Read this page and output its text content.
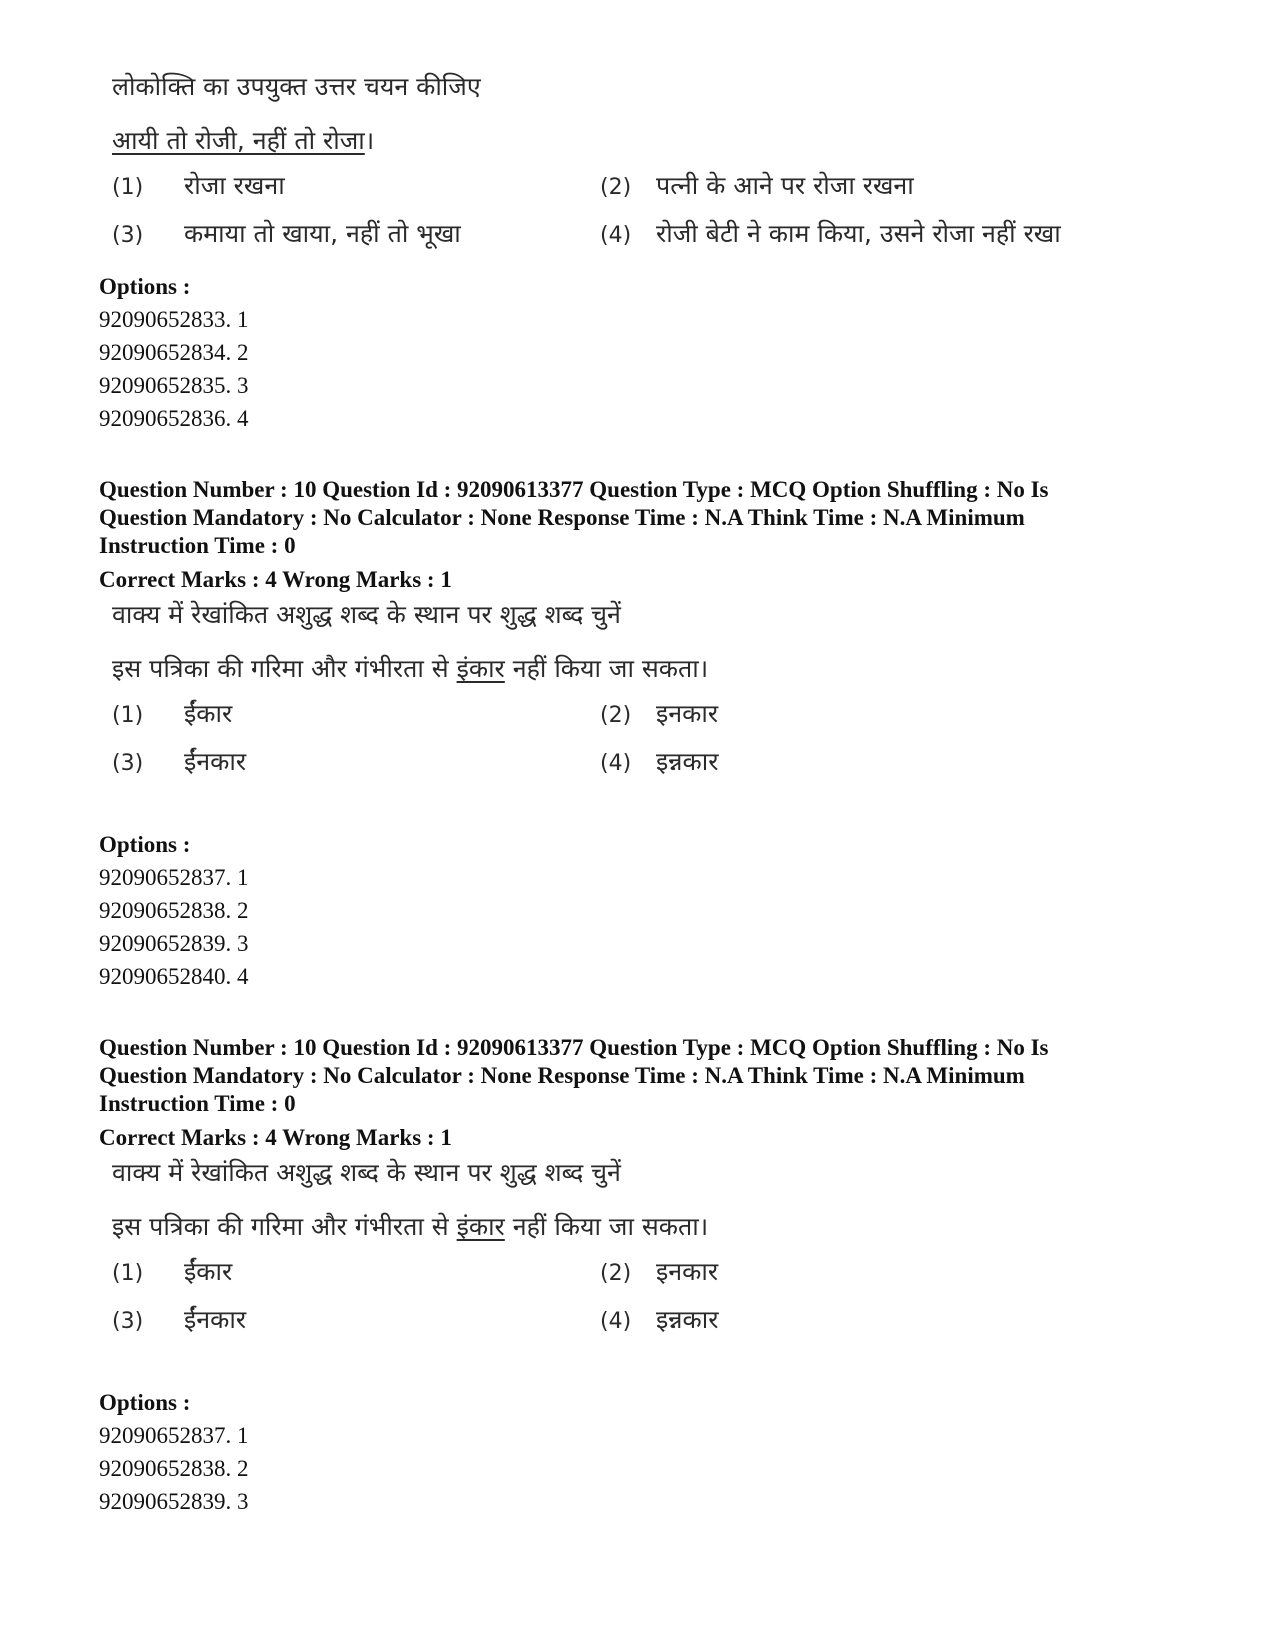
लोकोक्ति का उपयुक्त उत्तर चयन कीजिए

आयी तो रोजी, नहीं तो रोजा।
(1)	रोजा रखना	(2) पत्नी के आने पर रोजा रखना
(3)	कमाया तो खाया, नहीं तो भूखा	(4) रोजी बेटी ने काम किया, उसने रोजा नहीं रखा
Options :
92090652833. 1
92090652834. 2
92090652835. 3
92090652836. 4

Question Number : 10 Question Id : 92090613377 Question Type : MCQ Option Shuffling : No Is

Question Mandatory : No Calculator : None Response Time : N.A Think Time : N.A Minimum

Instruction Time : 0

Correct Marks : 4 Wrong Marks : 1

वाक्य में रेखांकित अशुद्ध शब्द के स्थान पर शुद्ध शब्द चुनें

इस पत्रिका की गरिमा और गंभीरता से इंकार नहीं किया जा सकता।
(1)	ईंकार	(2) इनकार
(3)	ईंनकार	(4) इन्नकार
Options :
92090652837. 1
92090652838. 2
92090652839. 3
92090652840. 4

Question Number : 10 Question Id : 92090613377 Question Type : MCQ Option Shuffling : No Is

Question Mandatory : No Calculator : None Response Time : N.A Think Time : N.A Minimum

Instruction Time : 0

Correct Marks : 4 Wrong Marks : 1

वाक्य में रेखांकित अशुद्ध शब्द के स्थान पर शुद्ध शब्द चुनें

इस पत्रिका की गरिमा और गंभीरता से इंकार नहीं किया जा सकता।
(1)	ईंकार	(2) इनकार
(3)	ईंनकार	(4) इन्नकार
Options :
92090652837. 1
92090652838. 2
92090652839. 3
